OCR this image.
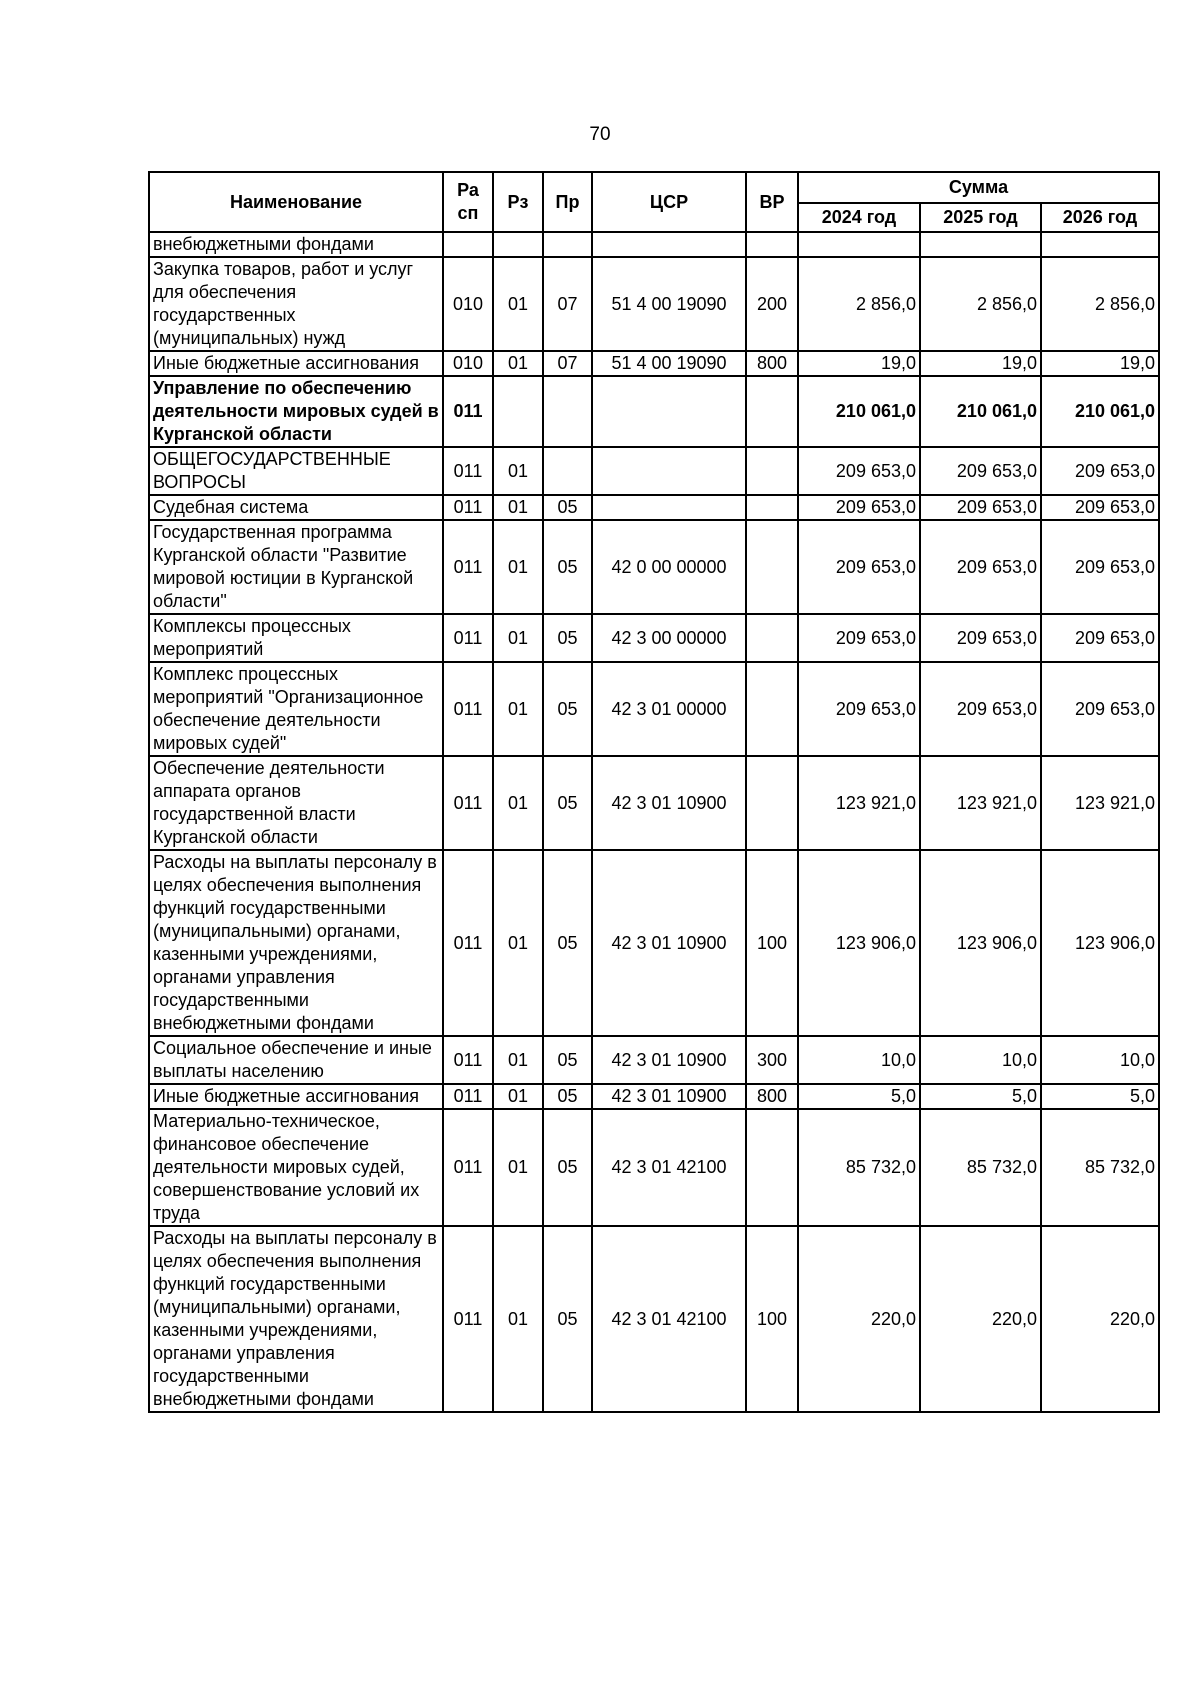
70
Наименование	Ра сп	Рз	Пр	ЦСР	ВР	Сумма		
						2024 год	2025 год	2026 год
внебюджетными фондами								
Закупка товаров, работ и услуг для обеспечения государственных (муниципальных) нужд	010	01	07	51 4 00 19090	200	2 856,0	2 856,0	2 856,0
Иные бюджетные ассигнования	010	01	07	51 4 00 19090	800	19,0	19,0	19,0
Управление по обеспечению деятельности мировых судей в Курганской области	011					210 061,0	210 061,0	210 061,0
ОБЩЕГОСУДАРСТВЕННЫЕ ВОПРОСЫ	011	01				209 653,0	209 653,0	209 653,0
Судебная система	011	01	05			209 653,0	209 653,0	209 653,0
Государственная программа Курганской области "Развитие мировой юстиции в Курганской области"	011	01	05	42 0 00 00000		209 653,0	209 653,0	209 653,0
Комплексы процессных мероприятий	011	01	05	42 3 00 00000		209 653,0	209 653,0	209 653,0
Комплекс процессных мероприятий "Организационное обеспечение деятельности мировых судей"	011	01	05	42 3 01 00000		209 653,0	209 653,0	209 653,0
Обеспечение деятельности аппарата органов государственной власти Курганской области	011	01	05	42 3 01 10900		123 921,0	123 921,0	123 921,0
Расходы на выплаты персоналу в целях обеспечения выполнения функций государственными (муниципальными) органами, казенными учреждениями, органами управления государственными внебюджетными фондами	011	01	05	42 3 01 10900	100	123 906,0	123 906,0	123 906,0
Социальное обеспечение и иные выплаты населению	011	01	05	42 3 01 10900	300	10,0	10,0	10,0
Иные бюджетные ассигнования	011	01	05	42 3 01 10900	800	5,0	5,0	5,0
Материально-техническое, финансовое обеспечение деятельности мировых судей, совершенствование условий их труда	011	01	05	42 3 01 42100		85 732,0	85 732,0	85 732,0
Расходы на выплаты персоналу в целях обеспечения выполнения функций государственными (муниципальными) органами, казенными учреждениями, органами управления государственными внебюджетными фондами	011	01	05	42 3 01 42100	100	220,0	220,0	220,0
